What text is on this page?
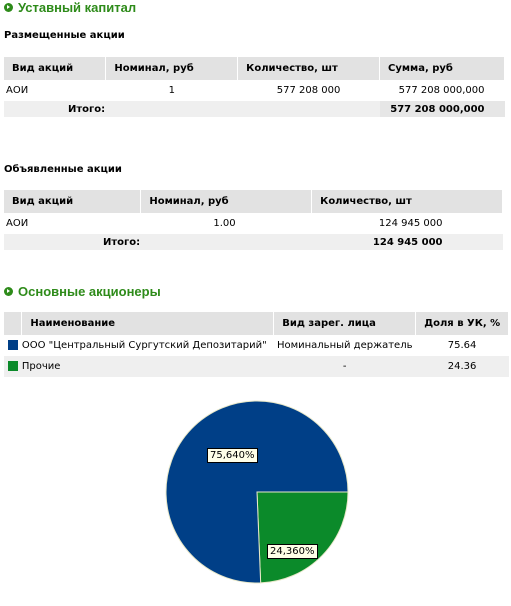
Уставный капитал
Размещенные акции
Вид акций	Номинал, руб	Количество, шт	Сумма, руб
АОИ	1	577 208 000	577 208 000,000
Итого:			577 208 000,000
Объявленные акции
Вид акций	Номинал, руб	Количество, шт
АОИ	1.00	124 945 000
Итого:		124 945 000
Основные акционеры
	Наименование	Вид зарег. лица	Доля в УК, %
	ООО "Центральный Сургутский Депозитарий"	Номинальный держатель	75.64
	Прочие	-	24.36
75,640%
24,360%
